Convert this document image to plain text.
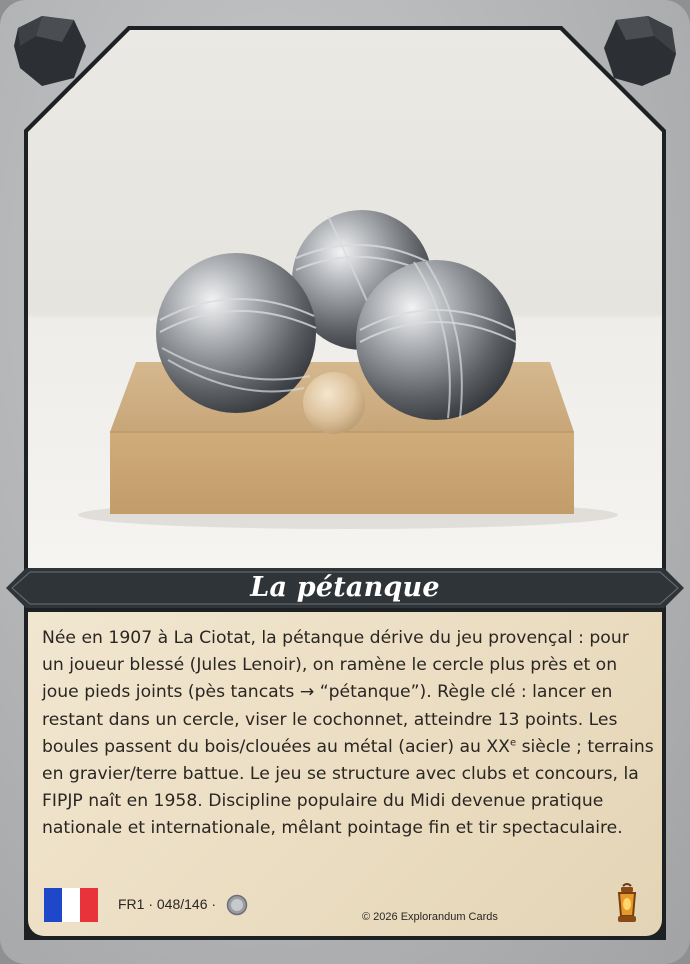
La pétanque

Née en 1907 à La Ciotat, la pétanque dérive du jeu provençal : pour un joueur blessé (Jules Lenoir), on ramène le cercle plus près et on joue pieds joints (pès tancats → “pétanque”). Règle clé : lancer en restant dans un cercle, viser le cochonnet, atteindre 13 points. Les boules passent du bois/clouées au métal (acier) au XXe siècle ; terrains en gravier/terre battue. Le jeu se structure avec clubs et concours, la FIPJP naît en 1958. Discipline populaire du Midi devenue pratique nationale et internationale, mêlant pointage fin et tir spectaculaire.

FR1 · 048/146 ·
© 2026 Explorandum Cards
